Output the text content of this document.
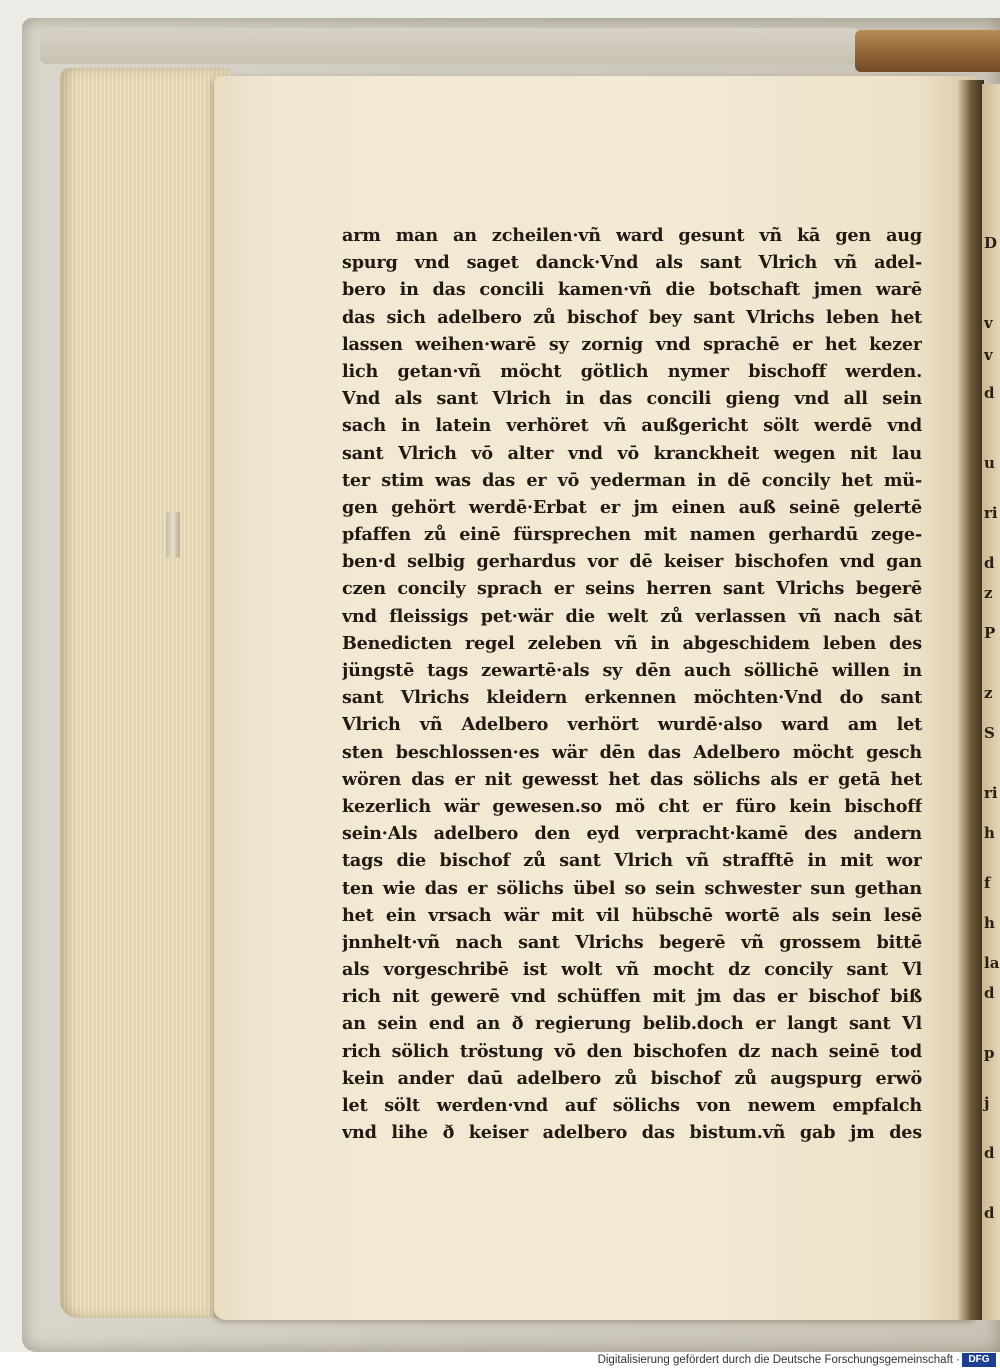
arm man an zcheilen·vñ ward gesunt vñ kā gen aug
spurg vnd saget danck·Vnd als sant Vlrich vñ adel-
bero in das concili kamen·vñ die botschaft jmen warē
das sich adelbero zů bischof bey sant Vlrichs leben het
lassen weihen·warē sy zornig vnd sprachē er het kezer
lich getan·vñ möcht götlich nymer bischoff werden.
Vnd als sant Vlrich in das concili gieng vnd all sein
sach in latein verhöret vñ außgericht sölt werdē vnd
sant Vlrich vō alter vnd vō kranckheit wegen nit lau
ter stim was das er vō yederman in dē concily het mü-
gen gehört werdē·Erbat er jm einen auß seinē gelertē
pfaffen zů einē fürsprechen mit namen gerhardū zege-
ben·d selbig gerhardus vor dē keiser bischofen vnd gan
czen concily sprach er seins herren sant Vlrichs begerē
vnd fleissigs pet·wär die welt zů verlassen vñ nach sāt
Benedicten regel zeleben vñ in abgeschidem leben des
jüngstē tags zewartē·als sy dēn auch söllichē willen in
sant Vlrichs kleidern erkennen möchten·Vnd do sant
Vlrich vñ Adelbero verhört wurdē·also ward am let
sten beschlossen·es wär dēn das Adelbero möcht gesch
wören das er nit gewesst het das sölichs als er getā het
kezerlich wär gewesen.so mö cht er füro kein bischoff
sein·Als adelbero den eyd verpracht·kamē des andern
tags die bischof zů sant Vlrich vñ strafftē in mit wor
ten wie das er sölichs übel so sein schwester sun gethan
het ein vrsach wär mit vil hübschē wortē als sein lesē
jnnhelt·vñ nach sant Vlrichs begerē vñ grossem bittē
als vorgeschribē ist wolt vñ mocht dz concily sant Vl
rich nit gewerē vnd schüffen mit jm das er bischof biß
an sein end an ð regierung belib.doch er langt sant Vl
rich sölich tröstung vō den bischofen dz nach seinē tod
kein ander daū adelbero zů bischof zů augspurg erwö
let sölt werden·vnd auf sölichs von newem empfalch
vnd lihe ð keiser adelbero das bistum.vñ gab jm des
D
v
v
d
u
ri
d
z
P
z
S
ri
h
f
h
la
d
p
j
d
d
Digitalisierung gefördert durch die Deutsche Forschungsgemeinschaft · DFG
